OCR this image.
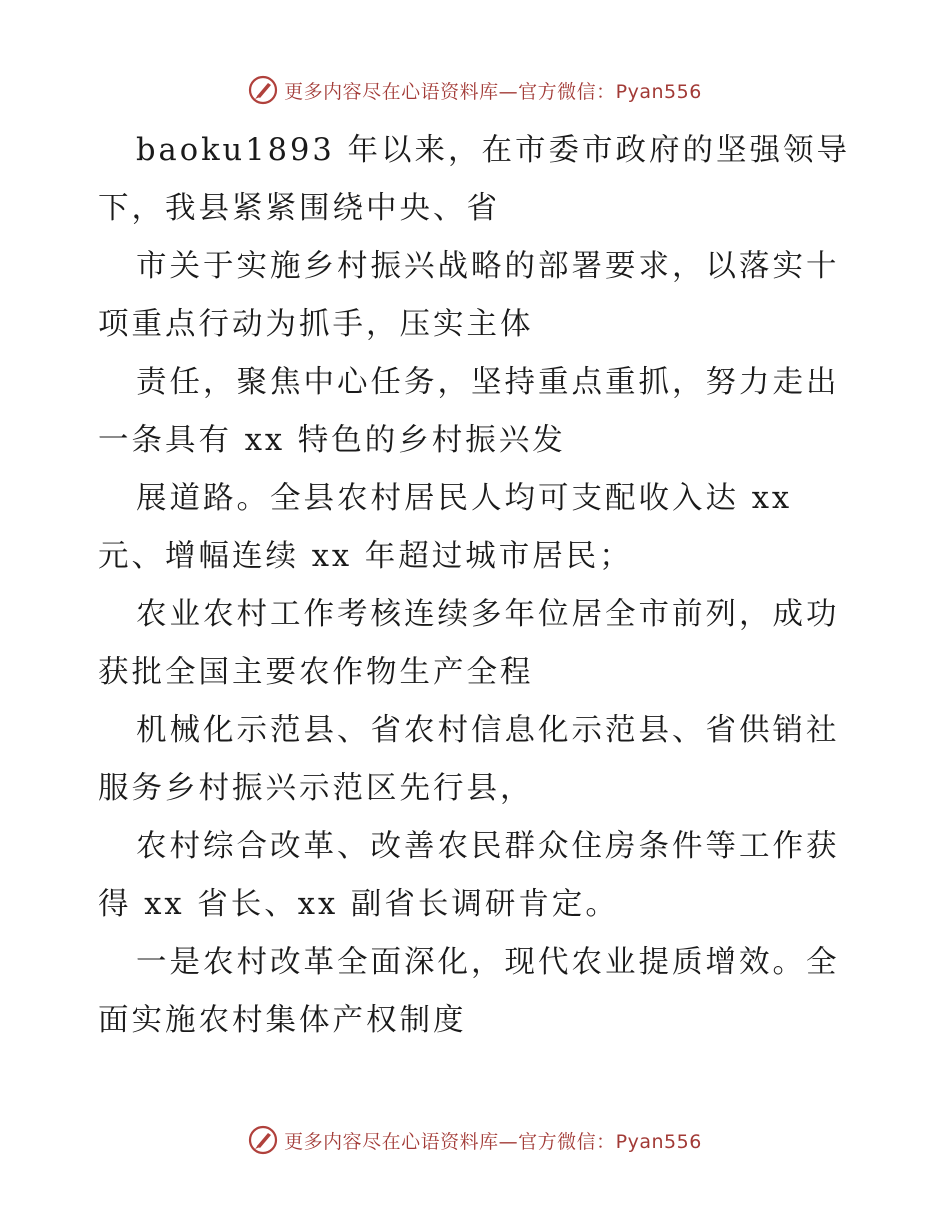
更多内容尽在心语资料库—官方微信：Pyan556

baoku1893 年以来，在市委市政府的坚强领导
下，我县紧紧围绕中央、省

市关于实施乡村振兴战略的部署要求，以落实十
项重点行动为抓手，压实主体

责任，聚焦中心任务，坚持重点重抓，努力走出
一条具有 xx 特色的乡村振兴发

展道路。全县农村居民人均可支配收入达 xx
元、增幅连续 xx 年超过城市居民；

农业农村工作考核连续多年位居全市前列，成功
获批全国主要农作物生产全程

机械化示范县、省农村信息化示范县、省供销社
服务乡村振兴示范区先行县，

农村综合改革、改善农民群众住房条件等工作获
得 xx 省长、xx 副省长调研肯定。

一是农村改革全面深化，现代农业提质增效。全
面实施农村集体产权制度

更多内容尽在心语资料库—官方微信：Pyan556
